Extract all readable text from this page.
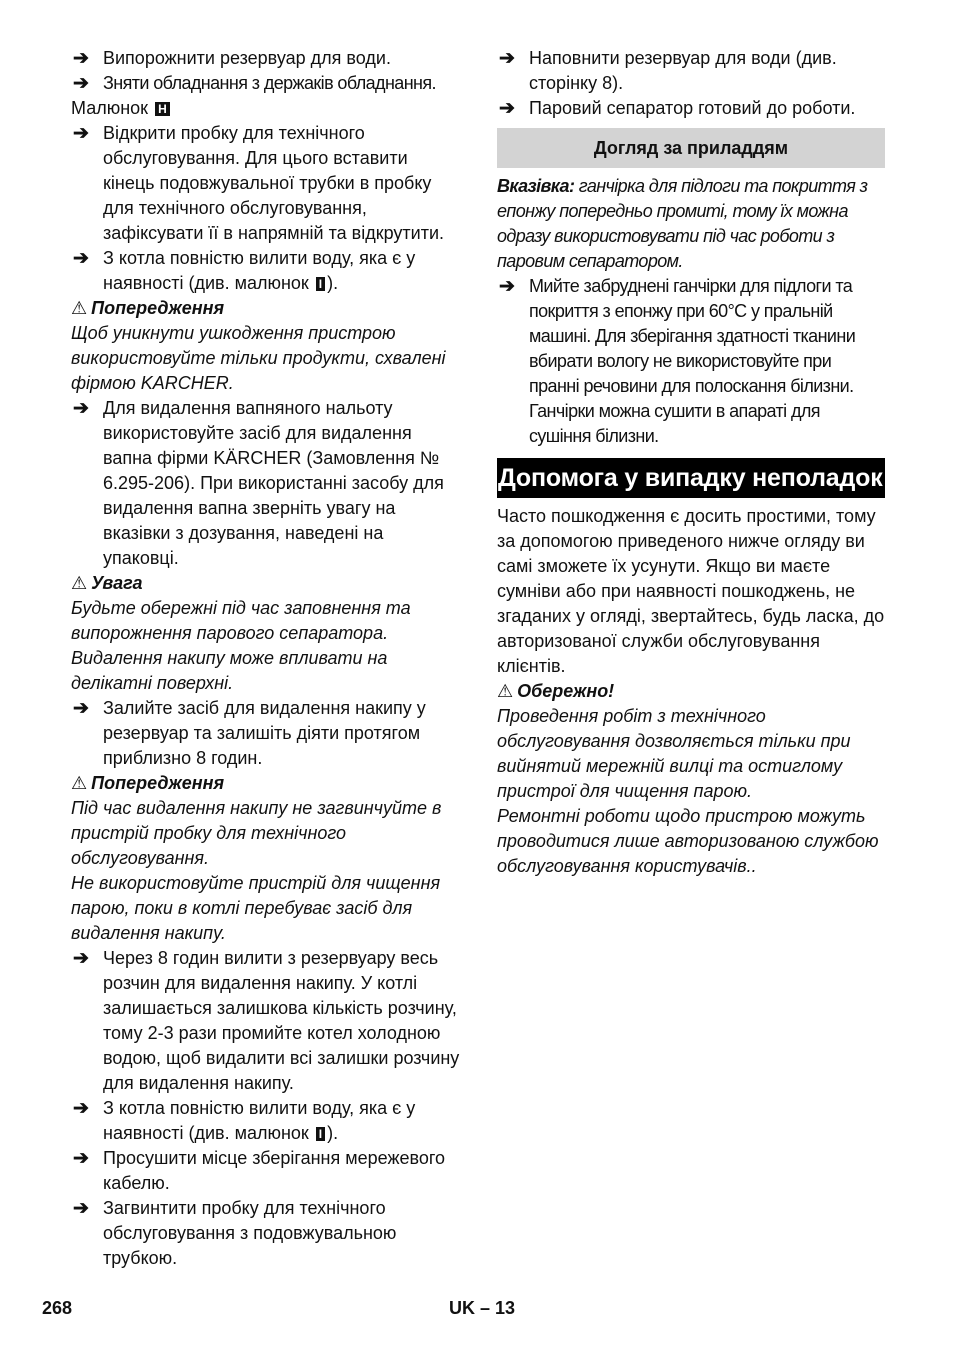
➔ Випорожнити резервуар для води.
➔ Зняти обладнання з держаків обладнання.
Малюнок H
➔ Відкрити пробку для технічного обслуговування. Для цього вставити кінець подовжувальної трубки в пробку для технічного обслуговування, зафіксувати її в напрямній та відкрутити.
➔ З котла повністю вилити воду, яка є у наявності (див. малюнок I ).
⚠ Попередження
Щоб уникнути ушкодження пристрою використовуйте тільки продукти, схвалені фірмою KARCHER.
➔ Для видалення вапняного нальоту використовуйте засіб для видалення вапна фірми KÄRCHER (Замовлення № 6.295-206). При використанні засобу для видалення вапна зверніть увагу на вказівки з дозування, наведені на упаковці.
⚠ Увага
Будьте обережні під час заповнення та випорожнення парового сепаратора. Видалення накипу може впливати на делікатні поверхні.
➔ Залийте засіб для видалення накипу у резервуар та залишіть діяти протягом приблизно 8 годин.
⚠ Попередження
Під час видалення накипу не загвинчуйте в пристрій пробку для технічного обслуговування.
Не використовуйте пристрій для чищення парою, поки в котлі перебуває засіб для видалення накипу.
➔ Через 8 годин вилити з резервуару весь розчин для видалення накипу. У котлі залишається залишкова кількість розчину, тому 2-3 рази промийте котел холодною водою, щоб видалити всі залишки розчину для видалення накипу.
➔ З котла повністю вилити воду, яка є у наявності (див. малюнок I ).
➔ Просушити місце зберігання мережевого кабелю.
➔ Загвинтити пробку для технічного обслуговування з подовжувальною трубкою.
➔ Наповнити резервуар для води (див. сторінку 8).
➔ Паровий сепаратор готовий до роботи.
Догляд за приладдям
Вказівка: ганчірка для підлоги та покриття з епонжу попередньо промиті, тому їх можна одразу використовувати під час роботи з паровим сепаратором.
➔ Мийте забруднені ганчірки для підлоги та покриття з епонжу при 60°C у пральній машині. Для зберігання здатності тканини вбирати вологу не використовуйте при пранні речовини для полоскання білизни. Ганчірки можна сушити в апараті для сушіння білизни.
Допомога у випадку неполадок
Часто пошкодження є досить простими, тому за допомогою приведеного нижче огляду ви самі зможете їх усунути. Якщо ви маєте сумніви або при наявності пошкоджень, не згаданих у огляді, звертайтесь, будь ласка, до авторизованої служби обслуговування клієнтів.
⚠ Обережно!
Проведення робіт з технічного обслуговування дозволяється тільки при вийнятий мережній вилці та остиглому пристрої для чищення парою.
Ремонтні роботи щодо пристрою можуть проводитися лише авторизованою службою обслуговування користувачів..
268	UK – 13
